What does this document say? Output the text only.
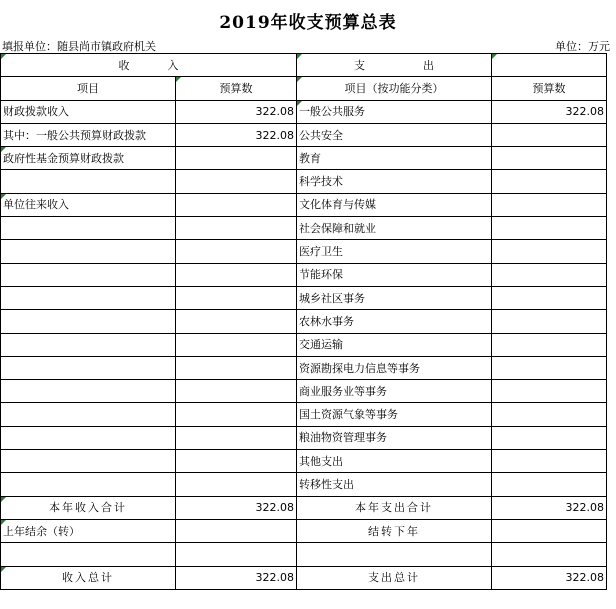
2019年收支预算总表
填报单位：随县尚市镇政府机关	单位：万元
收 入		支 出	
项目	预算数	项目（按功能分类）	预算数
财政拨款收入	322.08	一般公共服务	322.08
其中：一般公共预算财政拨款	322.08	公共安全	
政府性基金预算财政拨款		教育	
		科学技术	
单位往来收入		文化体育与传媒	
		社会保障和就业	
		医疗卫生	
		节能环保	
		城乡社区事务	
		农林水事务	
		交通运输	
		资源勘探电力信息等事务	
		商业服务业等事务	
		国土资源气象等事务	
		粮油物资管理事务	
		其他支出	
		转移性支出	
本年收入合计	322.08	本年支出合计	322.08
上年结余（转）		结转下年	

收入总计	322.08	支出总计	322.08
